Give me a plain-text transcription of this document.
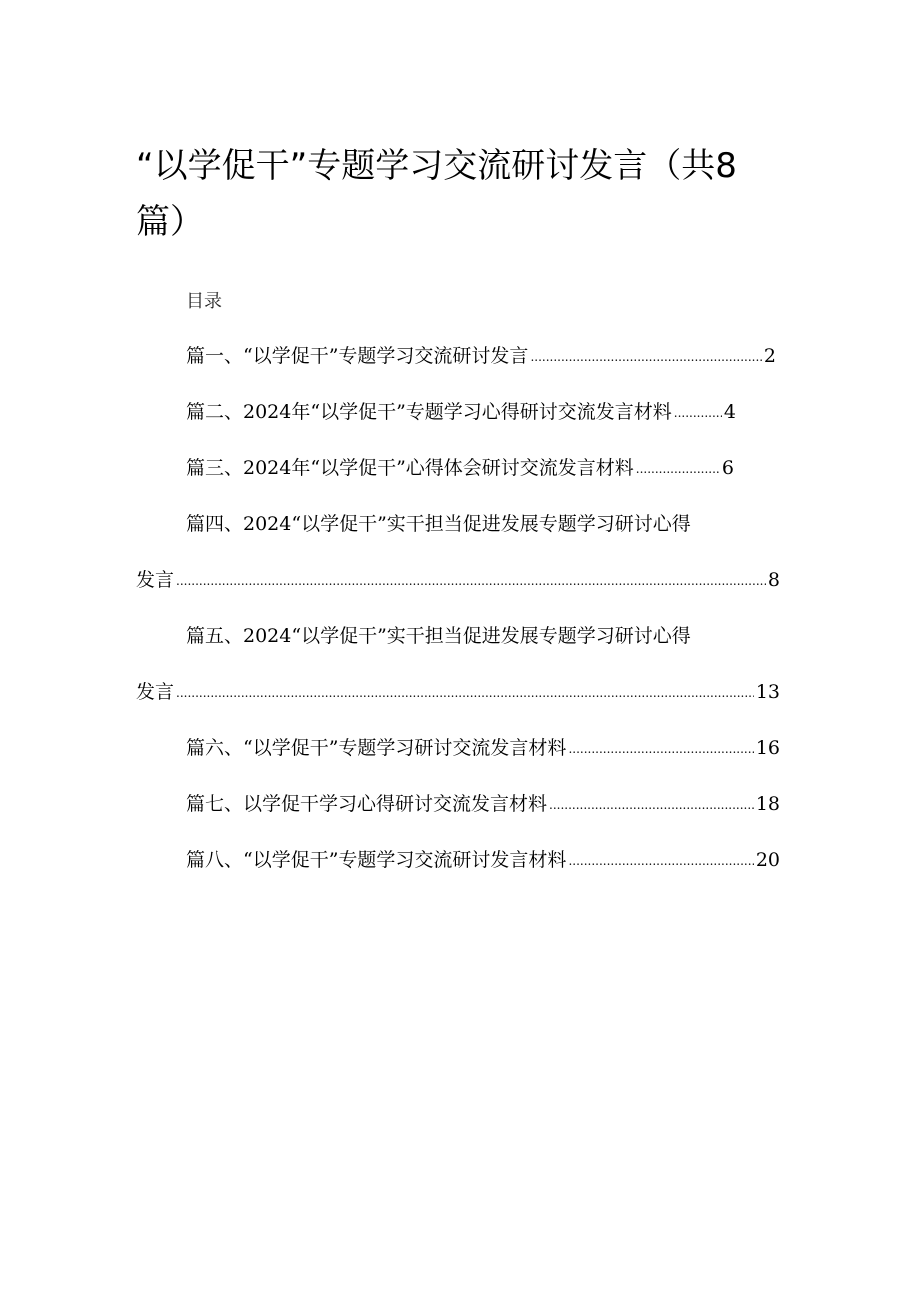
“以学促干”专题学习交流研讨发言（共8篇）
目录
篇一、“以学促干”专题学习交流研讨发言 .....	2
篇二、2024年“以学促干”专题学习心得研讨交流发言材料 .....	4
篇三、2024年“以学促干”心得体会研讨交流发言材料 .....	6
篇四、2024“以学促干”实干担当促进发展专题学习研讨心得
发言 .....	8
篇五、2024“以学促干”实干担当促进发展专题学习研讨心得
发言 .....	13
篇六、“以学促干”专题学习研讨交流发言材料 .....	16
篇七、以学促干学习心得研讨交流发言材料 .....	18
篇八、“以学促干”专题学习交流研讨发言材料 .....	20
